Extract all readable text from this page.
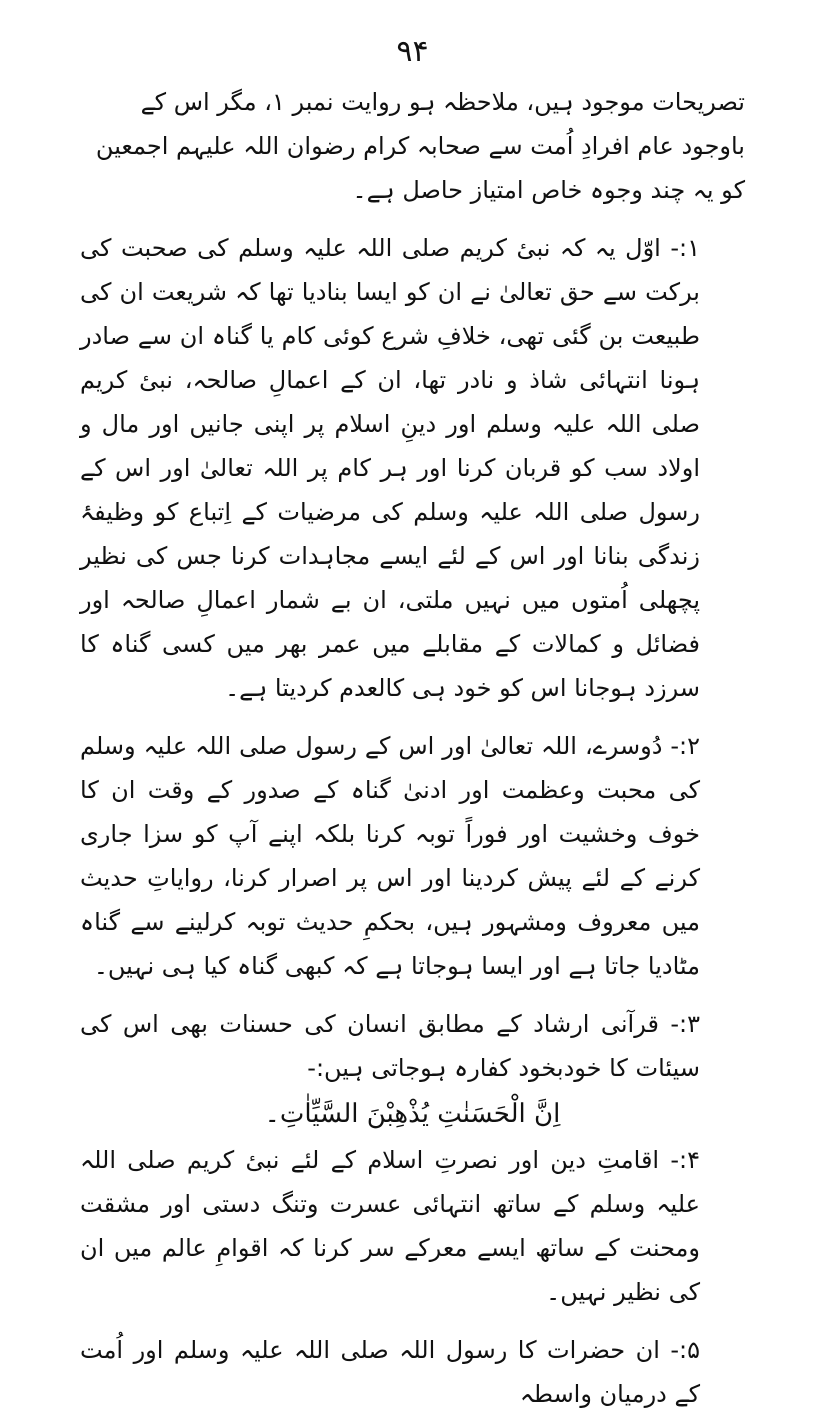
۹۴

تصریحات موجود ہیں، ملاحظہ ہو روایت نمبر ۱، مگر اس کے باوجود عام افرادِ اُمت سے صحابہ کرام رضوان اللہ علیہم اجمعین کو یہ چند وجوہ خاص امتیاز حاصل ہے۔

۱:- اوّل یہ کہ نبیٔ کریم صلی اللہ علیہ وسلم کی صحبت کی برکت سے حق تعالیٰ نے ان کو ایسا بنادیا تھا کہ شریعت ان کی طبیعت بن گئی تھی، خلافِ شرع کوئی کام یا گناہ ان سے صادر ہونا انتہائی شاذ و نادر تھا، ان کے اعمالِ صالحہ، نبیٔ کریم صلی اللہ علیہ وسلم اور دینِ اسلام پر اپنی جانیں اور مال و اولاد سب کو قربان کرنا اور ہر کام پر اللہ تعالیٰ اور اس کے رسول صلی اللہ علیہ وسلم کی مرضیات کے اِتباع کو وظیفۂ زندگی بنانا اور اس کے لئے ایسے مجاہدات کرنا جس کی نظیر پچھلی اُمتوں میں نہیں ملتی، ان بے شمار اعمالِ صالحہ اور فضائل و کمالات کے مقابلے میں عمر بھر میں کسی گناہ کا سرزد ہوجانا اس کو خود ہی کالعدم کردیتا ہے۔

۲:- دُوسرے، اللہ تعالیٰ اور اس کے رسول صلی اللہ علیہ وسلم کی محبت وعظمت اور ادنیٰ گناہ کے صدور کے وقت ان کا خوف وخشیت اور فوراً توبہ کرنا بلکہ اپنے آپ کو سزا جاری کرنے کے لئے پیش کردینا اور اس پر اصرار کرنا، روایاتِ حدیث میں معروف ومشہور ہیں، بحکمِ حدیث توبہ کرلینے سے گناہ مٹادیا جاتا ہے اور ایسا ہوجاتا ہے کہ کبھی گناہ کیا ہی نہیں۔

۳:- قرآنی ارشاد کے مطابق انسان کی حسنات بھی اس کی سیئات کا خودبخود کفارہ ہوجاتی ہیں:-

اِنَّ الْحَسَنٰتِ یُذْھِبْنَ السَّیِّاٰتِ۔

۴:- اقامتِ دین اور نصرتِ اسلام کے لئے نبیٔ کریم صلی اللہ علیہ وسلم کے ساتھ انتہائی عسرت وتنگ دستی اور مشقت ومحنت کے ساتھ ایسے معرکے سر کرنا کہ اقوامِ عالم میں ان کی نظیر نہیں۔

۵:- ان حضرات کا رسول اللہ صلی اللہ علیہ وسلم اور اُمت کے درمیان واسطہ
